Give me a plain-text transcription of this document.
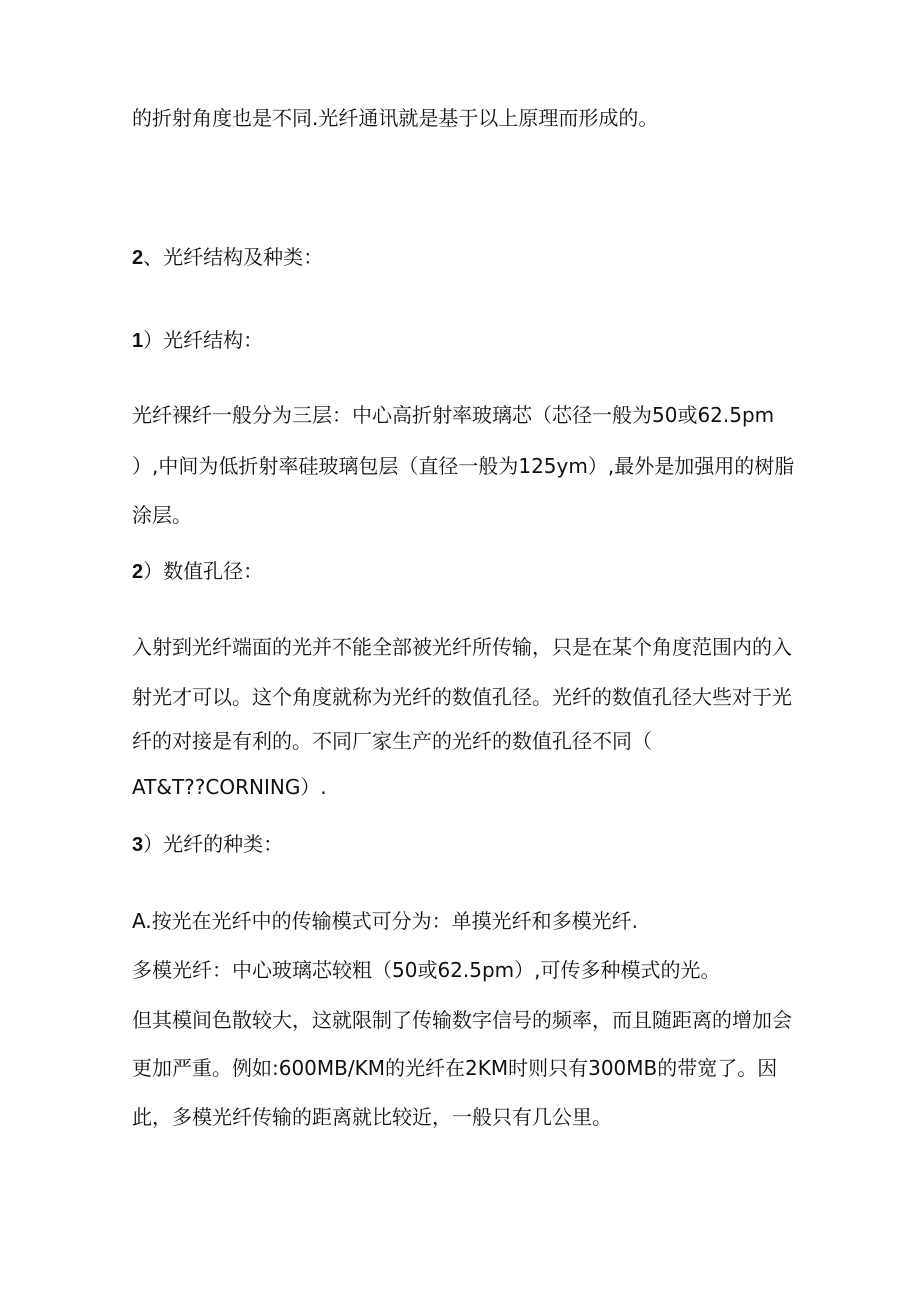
的折射角度也是不同.光纤通讯就是基于以上原理而形成的。
2、光纤结构及种类：
1）光纤结构：
光纤裸纤一般分为三层：中心高折射率玻璃芯（芯径一般为50或62.5pm
）,中间为低折射率硅玻璃包层（直径一般为125ym）,最外是加强用的树脂
涂层。
2）数值孔径：
入射到光纤端面的光并不能全部被光纤所传输，只是在某个角度范围内的入
射光才可以。这个角度就称为光纤的数值孔径。光纤的数值孔径大些对于光
纤的对接是有利的。不同厂家生产的光纤的数值孔径不同（
AT&T??CORNING）.
3）光纤的种类：
A.按光在光纤中的传输模式可分为：单摸光纤和多模光纤.
多模光纤：中心玻璃芯较粗（50或62.5pm）,可传多种模式的光。
但其模间色散较大，这就限制了传输数字信号的频率，而且随距离的增加会
更加严重。例如:600MB/KM的光纤在2KM时则只有300MB的带宽了。因
此，多模光纤传输的距离就比较近，一般只有几公里。
